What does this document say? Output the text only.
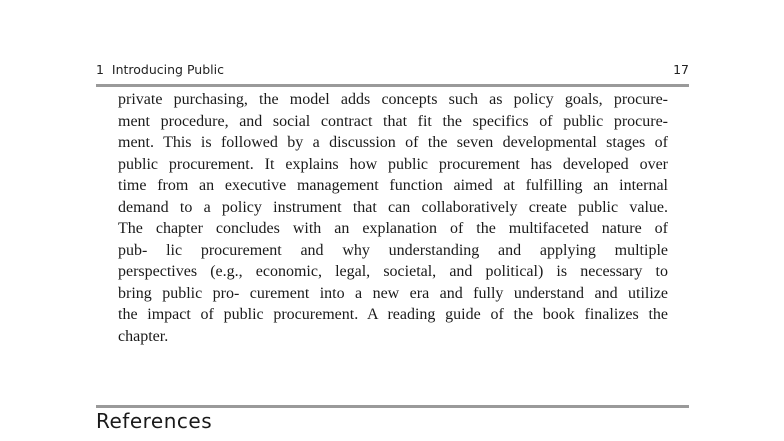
1 Introducing Public	17
private purchasing, the model adds concepts such as policy goals, procure-
ment procedure, and social contract that fit the specifics of public procure-
ment. This is followed by a discussion of the seven developmental stages of
public procurement. It explains how public procurement has developed over
time from an executive management function aimed at fulfilling an internal
demand to a policy instrument that can collaboratively create public value.
The chapter concludes with an explanation of the multifaceted nature of
pub- lic procurement and why understanding and applying multiple
perspectives (e.g., economic, legal, societal, and political) is necessary to
bring public pro- curement into a new era and fully understand and utilize
the impact of public procurement. A reading guide of the book finalizes the
chapter.
References
